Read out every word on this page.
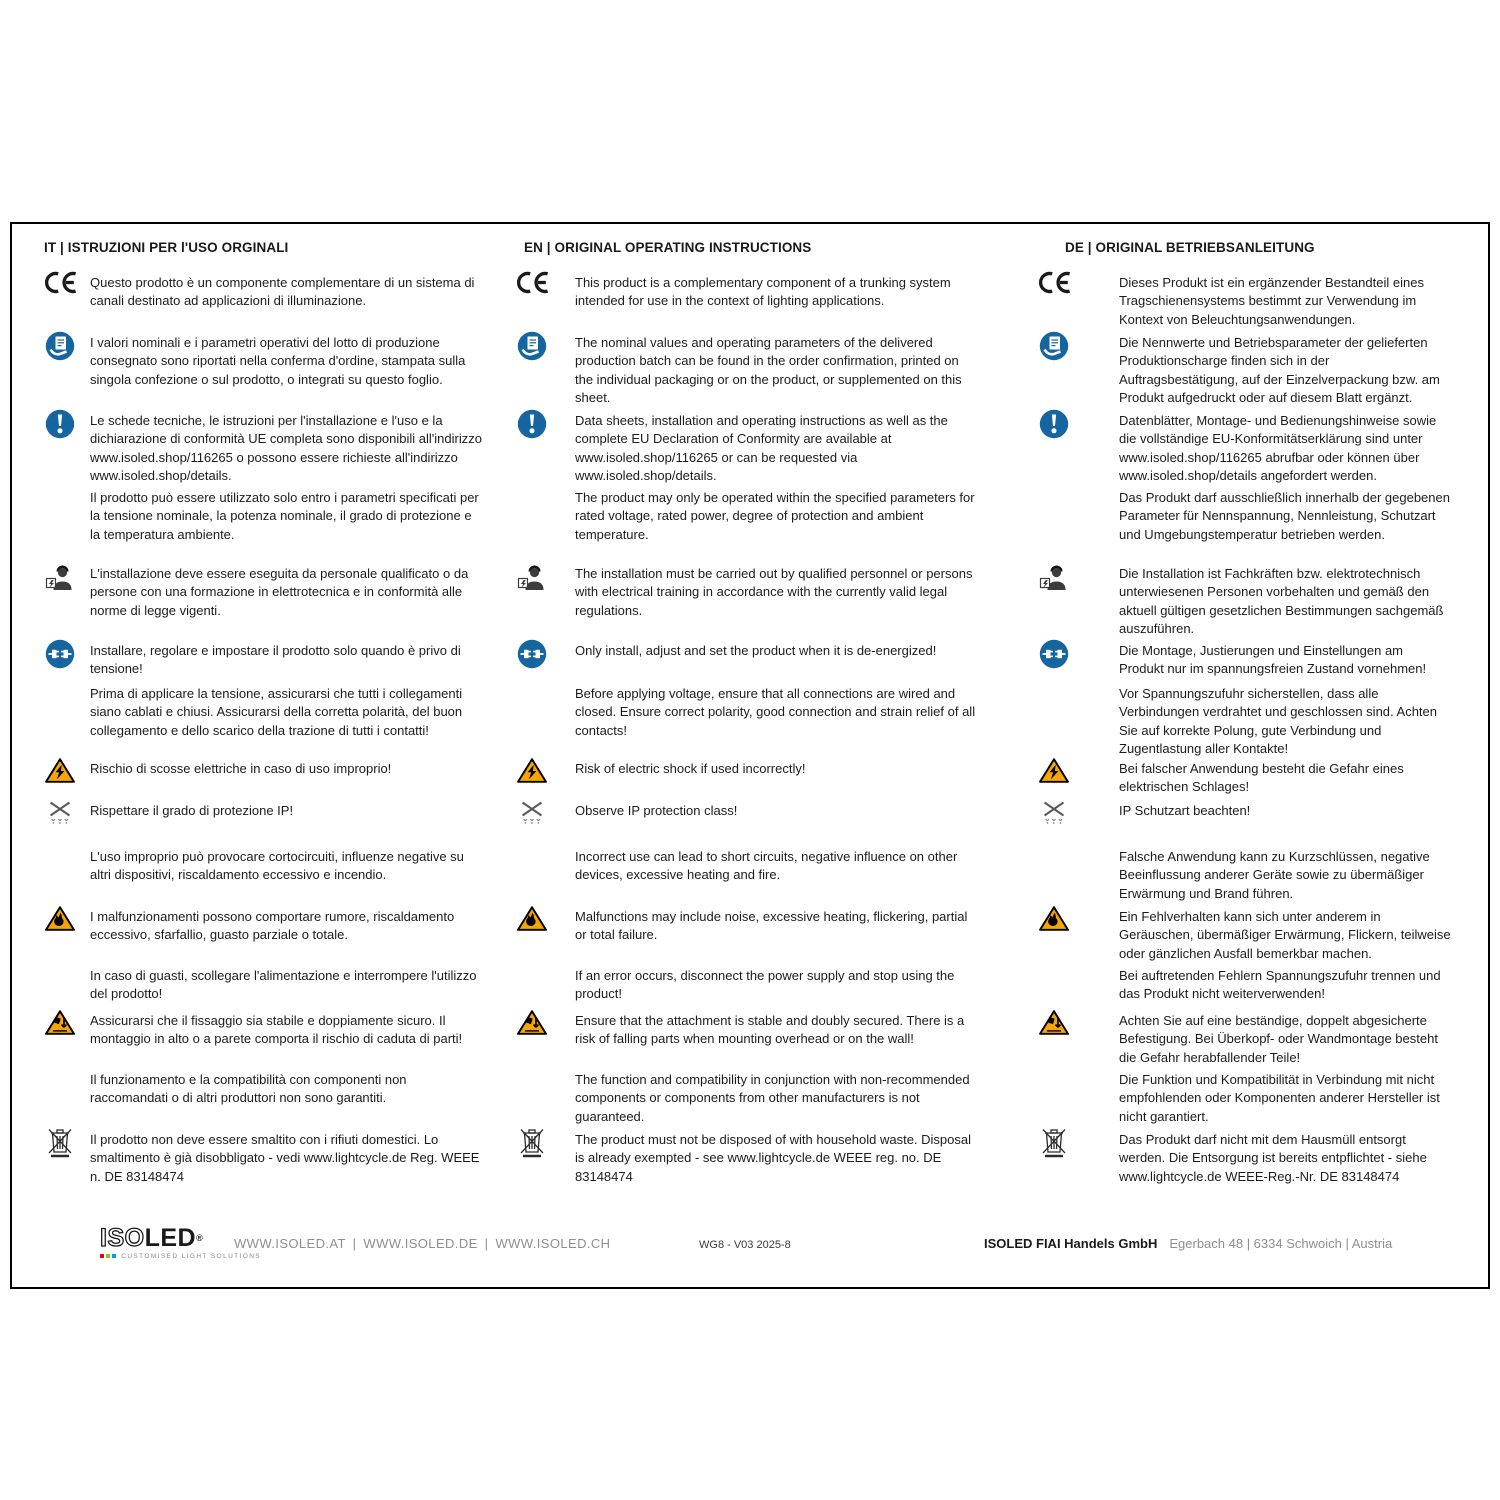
ISOLED®
CUSTOMISED LIGHT SOLUTIONS
WWW.ISOLED.AT | WWW.ISOLED.DE | WWW.ISOLED.CH	WG8 - V03 2025-8	ISOLED FIAI Handels GmbH Egerbach 48 | 6334 Schwoich | Austria
IT | ISTRUZIONI PER l'USO ORGINALI
Questo prodotto è un componente complementare di un sistema di canali destinato ad applicazioni di illuminazione.
I valori nominali e i parametri operativi del lotto di produzione consegnato sono riportati nella conferma d'ordine, stampata sulla singola confezione o sul prodotto, o integrati su questo foglio.
Le schede tecniche, le istruzioni per l'installazione e l'uso e la dichiarazione di conformità UE completa sono disponibili all'indirizzo www.isoled.shop/116265 o possono essere richieste all'indirizzo www.isoled.shop/details.
Il prodotto può essere utilizzato solo entro i parametri specificati per la tensione nominale, la potenza nominale, il grado di protezione e la temperatura ambiente.
L'installazione deve essere eseguita da personale qualificato o da persone con una formazione in elettrotecnica e in conformità alle norme di legge vigenti.
Installare, regolare e impostare il prodotto solo quando è privo di tensione!
Prima di applicare la tensione, assicurarsi che tutti i collegamenti siano cablati e chiusi. Assicurarsi della corretta polarità, del buon collegamento e dello scarico della trazione di tutti i contatti!
Rischio di scosse elettriche in caso di uso improprio!
Rispettare il grado di protezione IP!
L'uso improprio può provocare cortocircuiti, influenze negative su altri dispositivi, riscaldamento eccessivo e incendio.
I malfunzionamenti possono comportare rumore, riscaldamento eccessivo, sfarfallio, guasto parziale o totale.
In caso di guasti, scollegare l'alimentazione e interrompere l'utilizzo del prodotto!
Assicurarsi che il fissaggio sia stabile e doppiamente sicuro. Il montaggio in alto o a parete comporta il rischio di caduta di parti!
Il funzionamento e la compatibilità con componenti non raccomandati o di altri produttori non sono garantiti.
Il prodotto non deve essere smaltito con i rifiuti domestici. Lo smaltimento è già disobbligato - vedi www.lightcycle.de Reg. WEEE n. DE 83148474
EN | ORIGINAL OPERATING INSTRUCTIONS
This product is a complementary component of a trunking system intended for use in the context of lighting applications.
The nominal values and operating parameters of the delivered production batch can be found in the order confirmation, printed on the individual packaging or on the product, or supplemented on this sheet.
Data sheets, installation and operating instructions as well as the complete EU Declaration of Conformity are available at www.isoled.shop/116265 or can be requested via www.isoled.shop/details.
The product may only be operated within the specified parameters for rated voltage, rated power, degree of protection and ambient temperature.
The installation must be carried out by qualified personnel or persons with electrical training in accordance with the currently valid legal regulations.
Only install, adjust and set the product when it is de-energized!
Before applying voltage, ensure that all connections are wired and closed. Ensure correct polarity, good connection and strain relief of all contacts!
Risk of electric shock if used incorrectly!
Observe IP protection class!
Incorrect use can lead to short circuits, negative influence on other devices, excessive heating and fire.
Malfunctions may include noise, excessive heating, flickering, partial or total failure.
If an error occurs, disconnect the power supply and stop using the product!
Ensure that the attachment is stable and doubly secured. There is a risk of falling parts when mounting overhead or on the wall!
The function and compatibility in conjunction with non-recommended components or components from other manufacturers is not guaranteed.
The product must not be disposed of with household waste. Disposal is already exempted - see www.lightcycle.de WEEE reg. no. DE 83148474
DE | ORIGINAL BETRIEBSANLEITUNG
Dieses Produkt ist ein ergänzender Bestandteil eines Tragschienensystems bestimmt zur Verwendung im Kontext von Beleuchtungsanwendungen.
Die Nennwerte und Betriebsparameter der gelieferten Produktionscharge finden sich in der Auftragsbestätigung, auf der Einzelverpackung bzw. am Produkt aufgedruckt oder auf diesem Blatt ergänzt.
Datenblätter, Montage- und Bedienungshinweise sowie die vollständige EU-Konformitätserklärung sind unter www.isoled.shop/116265 abrufbar oder können über www.isoled.shop/details angefordert werden.
Das Produkt darf ausschließlich innerhalb der gegebenen Parameter für Nennspannung, Nennleistung, Schutzart und Umgebungstemperatur betrieben werden.
Die Installation ist Fachkräften bzw. elektrotechnisch unterwiesenen Personen vorbehalten und gemäß den aktuell gültigen gesetzlichen Bestimmungen sachgemäß auszuführen.
Die Montage, Justierungen und Einstellungen am Produkt nur im spannungsfreien Zustand vornehmen!
Vor Spannungszufuhr sicherstellen, dass alle Verbindungen verdrahtet und geschlossen sind. Achten Sie auf korrekte Polung, gute Verbindung und Zugentlastung aller Kontakte!
Bei falscher Anwendung besteht die Gefahr eines elektrischen Schlages!
IP Schutzart beachten!
Falsche Anwendung kann zu Kurzschlüssen, negative Beeinflussung anderer Geräte sowie zu übermäßiger Erwärmung und Brand führen.
Ein Fehlverhalten kann sich unter anderem in Geräuschen, übermäßiger Erwärmung, Flickern, teilweise oder gänzlichen Ausfall bemerkbar machen.
Bei auftretenden Fehlern Spannungszufuhr trennen und das Produkt nicht weiterverwenden!
Achten Sie auf eine beständige, doppelt abgesicherte Befestigung. Bei Überkopf- oder Wandmontage besteht die Gefahr herabfallender Teile!
Die Funktion und Kompatibilität in Verbindung mit nicht empfohlenden oder Komponenten anderer Hersteller ist nicht garantiert.
Das Produkt darf nicht mit dem Hausmüll entsorgt werden. Die Entsorgung ist bereits entpflichtet - siehe www.lightcycle.de WEEE-Reg.-Nr. DE 83148474
